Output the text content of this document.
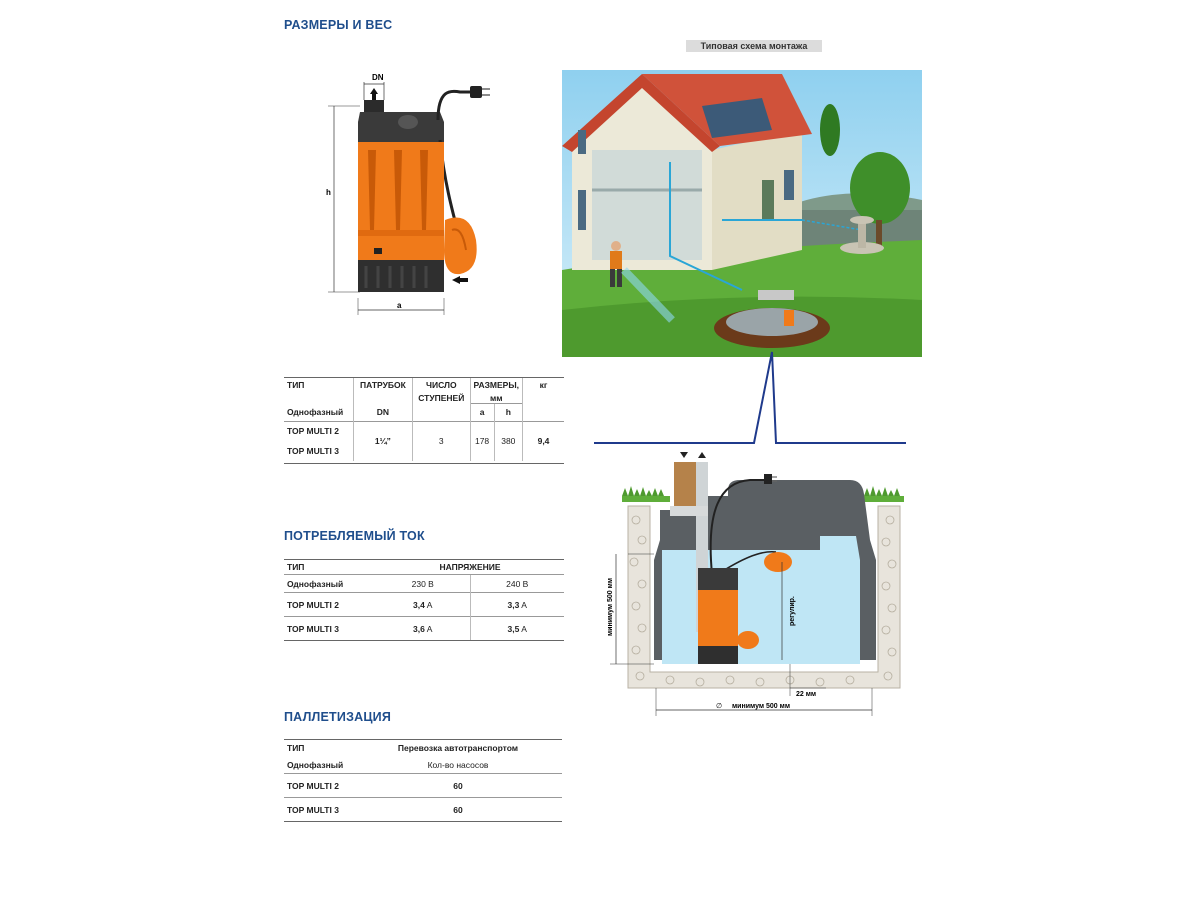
РАЗМЕРЫ И ВЕС
ПОТРЕБЛЯЕМЫЙ ТОК
ПАЛЛЕТИЗАЦИЯ
DN
h
a
ТИП	ПАТРУБОК	ЧИСЛО	РАЗМЕРЫ,		кг
		СТУПЕНЕЙ	мм		
Однофазный	DN		a	h	
TOP MULTI 2	1¼”	3	178	380	9,4
TOP MULTI 3					

ТИП	НАПРЯЖЕНИЕ	
Однофазный	230 В	240 В
TOP MULTI 2	3,4 A	3,3 A
TOP MULTI 3	3,6 A	3,5 A
ТИП	Перевозка автотранспортом
Однофазный	Кол-во насосов
TOP MULTI 2	60
TOP MULTI 3	60
Типовая схема монтажа
регулир.
минимум 500 мм
22 мм
∅ минимум 500 мм
